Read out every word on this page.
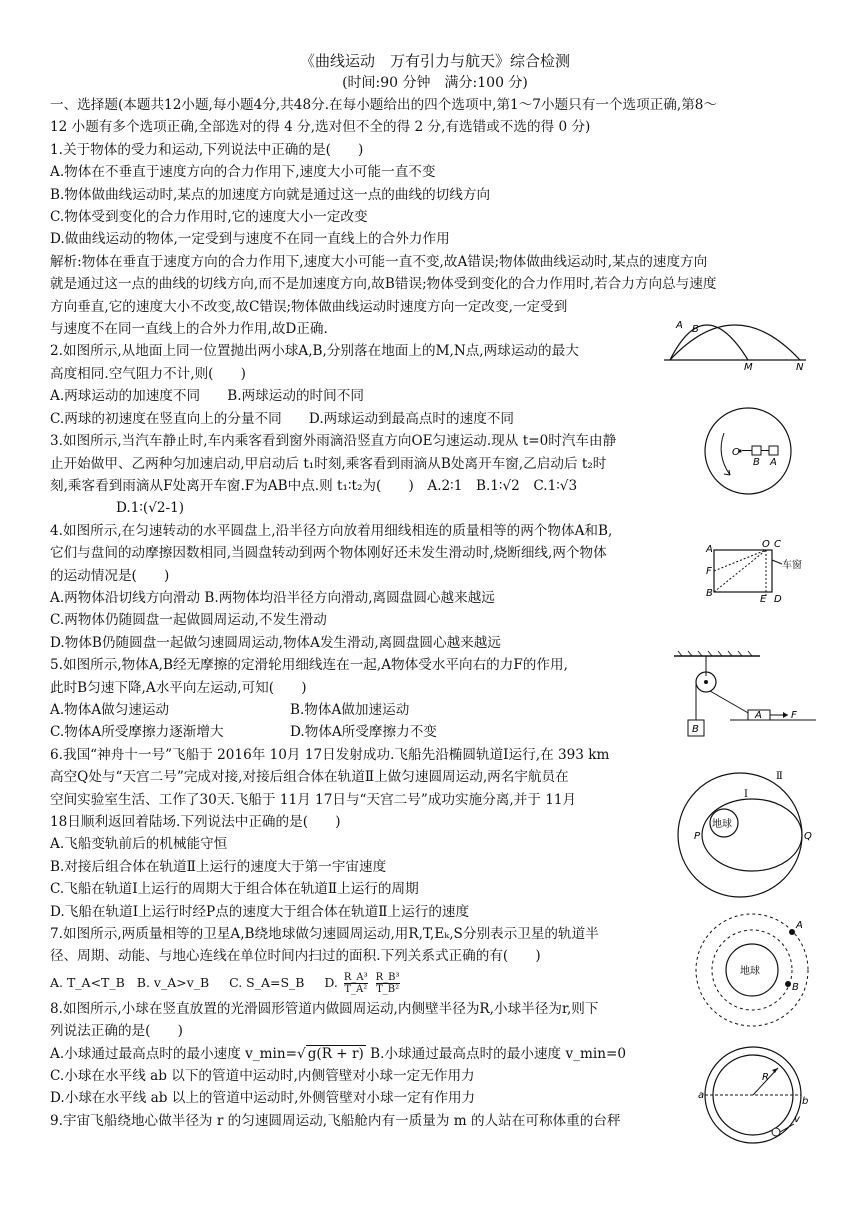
《曲线运动　万有引力与航天》综合检测

(时间:90 分钟　满分:100 分)

一、选择题(本题共12小题,每小题4分,共48分.在每小题给出的四个选项中,第1～7小题只有一个选项正确,第8～

12 小题有多个选项正确,全部选对的得 4 分,选对但不全的得 2 分,有选错或不选的得 0 分)

1.关于物体的受力和运动,下列说法中正确的是(　　)

A.物体在不垂直于速度方向的合力作用下,速度大小可能一直不变

B.物体做曲线运动时,某点的加速度方向就是通过这一点的曲线的切线方向

C.物体受到变化的合力作用时,它的速度大小一定改变

D.做曲线运动的物体,一定受到与速度不在同一直线上的合外力作用

解析:物体在垂直于速度方向的合力作用下,速度大小可能一直不变,故A错误;物体做曲线运动时,某点的速度方向

就是通过这一点的曲线的切线方向,而不是加速度方向,故B错误;物体受到变化的合力作用时,若合力方向总与速度

方向垂直,它的速度大小不改变,故C错误;物体做曲线运动时速度方向一定改变,一定受到

与速度不在同一直线上的合外力作用,故D正确.

2.如图所示,从地面上同一位置抛出两小球A,B,分别落在地面上的M,N点,两球运动的最大

高度相同.空气阻力不计,则(　　)

A.两球运动的加速度不同　　B.两球运动的时间不同

C.两球的初速度在竖直向上的分量不同　　D.两球运动到最高点时的速度不同

3.如图所示,当汽车静止时,车内乘客看到窗外雨滴沿竖直方向OE匀速运动.现从 t=0时汽车由静

止开始做甲、乙两种匀加速启动,甲启动后 t₁时刻,乘客看到雨滴从B处离开车窗,乙启动后 t₂时

刻,乘客看到雨滴从F处离开车窗.F为AB中点.则 t₁∶t₂为(　　)　A.2∶1　B.1∶√2　C.1∶√3

D.1∶(√2-1)

4.如图所示,在匀速转动的水平圆盘上,沿半径方向放着用细线相连的质量相等的两个物体A和B,

它们与盘间的动摩擦因数相同,当圆盘转动到两个物体刚好还未发生滑动时,烧断细线,两个物体

的运动情况是(　　)

A.两物体沿切线方向滑动 B.两物体均沿半径方向滑动,离圆盘圆心越来越远

C.两物体仍随圆盘一起做圆周运动,不发生滑动

D.物体B仍随圆盘一起做匀速圆周运动,物体A发生滑动,离圆盘圆心越来越远

5.如图所示,物体A,B经无摩擦的定滑轮用细线连在一起,A物体受水平向右的力F的作用,

此时B匀速下降,A水平向左运动,可知(　　)

A.物体A做匀速运动	B.物体A做加速运动

C.物体A所受摩擦力逐渐增大	D.物体A所受摩擦力不变

6.我国“神舟十一号”飞船于 2016年 10月 17日发射成功.飞船先沿椭圆轨道Ⅰ运行,在 393 km

高空Q处与“天宫二号”完成对接,对接后组合体在轨道Ⅱ上做匀速圆周运动,两名宇航员在

空间实验室生活、工作了30天.飞船于 11月 17日与“天宫二号”成功实施分离,并于 11月

18日顺利返回着陆场.下列说法中正确的是(　　)

A.飞船变轨前后的机械能守恒

B.对接后组合体在轨道Ⅱ上运行的速度大于第一宇宙速度

C.飞船在轨道Ⅰ上运行的周期大于组合体在轨道Ⅱ上运行的周期

D.飞船在轨道Ⅰ上运行时经P点的速度大于组合体在轨道Ⅱ上运行的速度

7.如图所示,两质量相等的卫星A,B绕地球做匀速圆周运动,用R,T,Eₖ,S分别表示卫星的轨道半

径、周期、动能、与地心连线在单位时间内扫过的面积.下列关系式正确的有(　　)

A. T_A<T_B B. v_A>v_B C. S_A=S_B D. $\frac{\text{R\_A³}}{\text{T\_A²}}$
$\frac{\text{R\_B³}}{\text{T\_B²}}$

8.如图所示,小球在竖直放置的光滑圆形管道内做圆周运动,内侧壁半径为R,小球半径为r,则下

列说法正确的是(　　)

A.小球通过最高点时的最小速度 v_min=√ g(R + r) B.小球通过最高点时的最小速度 v_min=0

C.小球在水平线 ab 以下的管道中运动时,内侧管壁对小球一定无作用力

D.小球在水平线 ab 以上的管道中运动时,外侧管壁对小球一定有作用力

9.宇宙飞船绕地心做半径为 r 的匀速圆周运动,飞船舱内有一质量为 m 的人站在可称体重的台秤

A B
M	N
O
B A
A	O C
F
B
E D
车窗
B
A	F
地球
P	Q
Ⅰ
Ⅱ
地球
A
B
a
b
R
v
